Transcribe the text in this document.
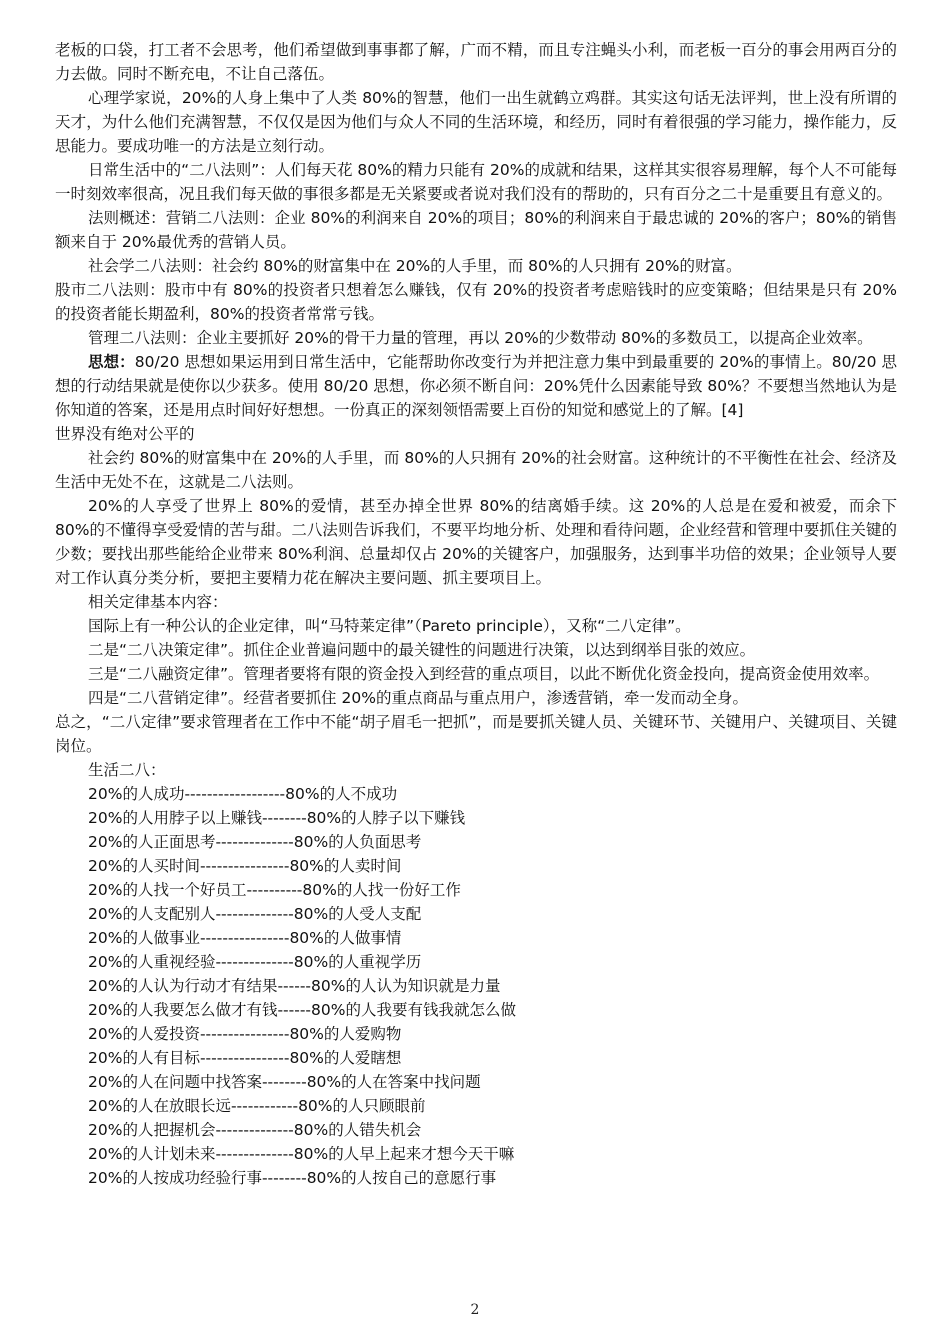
老板的口袋，打工者不会思考，他们希望做到事事都了解，广而不精，而且专注蝇头小利，而老板一百分的事会用两百分的力去做。同时不断充电，不让自己落伍。

心理学家说，20%的人身上集中了人类 80%的智慧，他们一出生就鹤立鸡群。其实这句话无法评判，世上没有所谓的天才，为什么他们充满智慧，不仅仅是因为他们与众人不同的生活环境，和经历，同时有着很强的学习能力，操作能力，反思能力。要成功唯一的方法是立刻行动。

日常生活中的“二八法则”：人们每天花 80%的精力只能有 20%的成就和结果，这样其实很容易理解，每个人不可能每一时刻效率很高，况且我们每天做的事很多都是无关紧要或者说对我们没有的帮助的，只有百分之二十是重要且有意义的。

法则概述：营销二八法则：企业 80%的利润来自 20%的项目；80%的利润来自于最忠诚的 20%的客户；80%的销售额来自于 20%最优秀的营销人员。

社会学二八法则：社会约 80%的财富集中在 20%的人手里，而 80%的人只拥有 20%的财富。

股市二八法则：股市中有 80%的投资者只想着怎么赚钱，仅有 20%的投资者考虑赔钱时的应变策略；但结果是只有 20%的投资者能长期盈利，80%的投资者常常亏钱。

管理二八法则：企业主要抓好 20%的骨干力量的管理，再以 20%的少数带动 80%的多数员工，以提高企业效率。

思想：80/20 思想如果运用到日常生活中，它能帮助你改变行为并把注意力集中到最重要的 20%的事情上。80/20 思想的行动结果就是使你以少获多。使用 80/20 思想，你必须不断自问：20%凭什么因素能导致 80%？不要想当然地认为是你知道的答案，还是用点时间好好想想。一份真正的深刻领悟需要上百份的知觉和感觉上的了解。[4]

世界没有绝对公平的

社会约 80%的财富集中在 20%的人手里，而 80%的人只拥有 20%的社会财富。这种统计的不平衡性在社会、经济及生活中无处不在，这就是二八法则。

20%的人享受了世界上 80%的爱情，甚至办掉全世界 80%的结离婚手续。这 20%的人总是在爱和被爱，而余下 80%的不懂得享受爱情的苦与甜。二八法则告诉我们，不要平均地分析、处理和看待问题，企业经营和管理中要抓住关键的少数；要找出那些能给企业带来 80%利润、总量却仅占 20%的关键客户，加强服务，达到事半功倍的效果；企业领导人要对工作认真分类分析，要把主要精力花在解决主要问题、抓主要项目上。

相关定律基本内容：

国际上有一种公认的企业定律，叫“马特莱定律”（Pareto principle），又称“二八定律”。

二是“二八决策定律”。抓住企业普遍问题中的最关键性的问题进行决策，以达到纲举目张的效应。

三是“二八融资定律”。管理者要将有限的资金投入到经营的重点项目，以此不断优化资金投向，提高资金使用效率。

四是“二八营销定律”。经营者要抓住 20%的重点商品与重点用户，渗透营销，牵一发而动全身。

总之，“二八定律”要求管理者在工作中不能“胡子眉毛一把抓”，而是要抓关键人员、关键环节、关键用户、关键项目、关键岗位。

生活二八：

20%的人成功------------------80%的人不成功
20%的人用脖子以上赚钱--------80%的人脖子以下赚钱
20%的人正面思考--------------80%的人负面思考
20%的人买时间----------------80%的人卖时间
20%的人找一个好员工----------80%的人找一份好工作
20%的人支配别人--------------80%的人受人支配
20%的人做事业----------------80%的人做事情
20%的人重视经验--------------80%的人重视学历
20%的人认为行动才有结果------80%的人认为知识就是力量
20%的人我要怎么做才有钱------80%的人我要有钱我就怎么做
20%的人爱投资----------------80%的人爱购物
20%的人有目标----------------80%的人爱瞎想
20%的人在问题中找答案--------80%的人在答案中找问题
20%的人在放眼长远------------80%的人只顾眼前
20%的人把握机会--------------80%的人错失机会
20%的人计划未来--------------80%的人早上起来才想今天干嘛
20%的人按成功经验行事--------80%的人按自己的意愿行事
2
